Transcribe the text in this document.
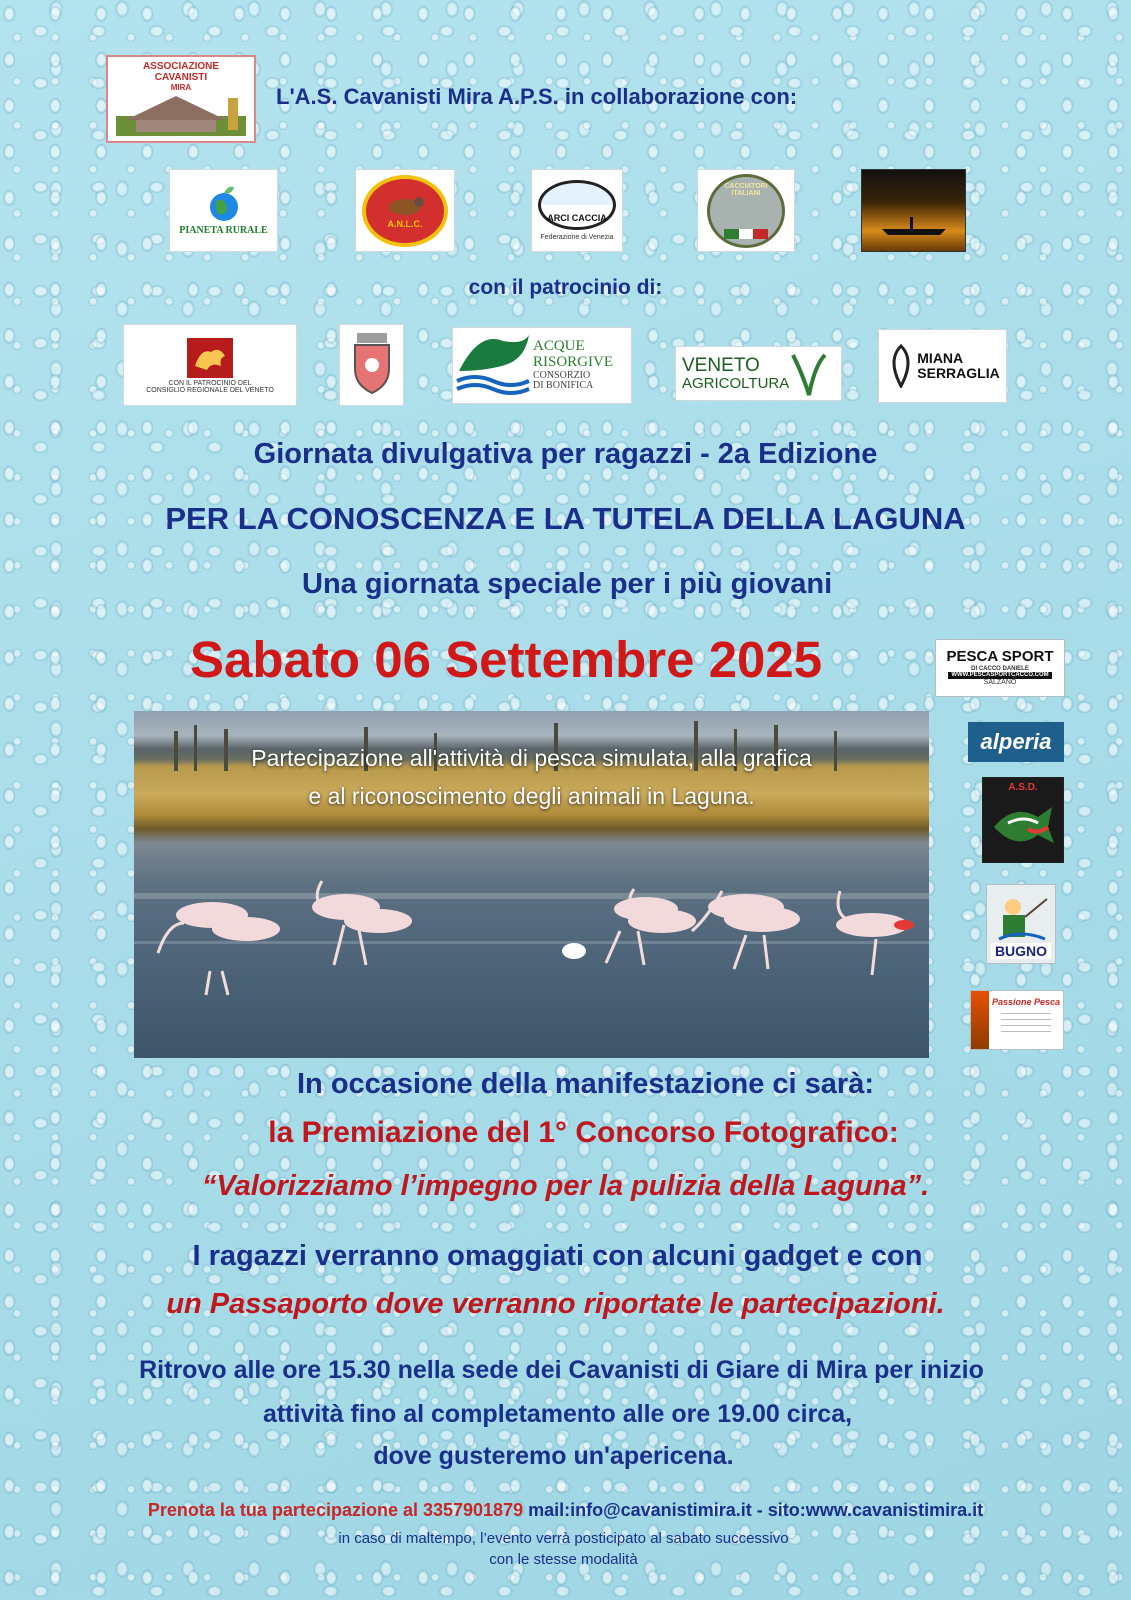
ASSOCIAZIONE
CAVANISTI
MIRA	L'A.S. Cavanisti Mira A.P.S. in collaborazione con:
PIANETA RURALE
A.N.L.C.
ARCI CACCIA
Federazione di Venezia
CACCIATORI ITALIANI
con il patrocinio di:
CON IL PATROCINIO DEL
CONSIGLIO REGIONALE DEL VENETO
ACQUE
RISORGIVE
CONSORZIO
DI BONIFICA
VENETO
AGRICOLTURA
MIANA
SERRAGLIA
Giornata divulgativa per ragazzi - 2a Edizione
PER LA CONOSCENZA E LA TUTELA DELLA LAGUNA
Una giornata speciale per i più giovani
Sabato 06 Settembre 2025
Partecipazione all'attività di pesca simulata, alla grafica
e al riconoscimento degli animali in Laguna.
PESCA SPORT
DI CACCO DANIELE
WWW.PESCASPORTCACCO.COM
SALZANO
alperia
A.S.D.
BUGNO
Passione Pesca
In occasione della manifestazione ci sarà:
la Premiazione del 1° Concorso Fotografico:
“Valorizziamo l’impegno per la pulizia della Laguna”.
I ragazzi verranno omaggiati con alcuni gadget e con
un Passaporto dove verranno riportate le partecipazioni.
Ritrovo alle ore 15.30 nella sede dei Cavanisti di Giare di Mira per inizio
attività fino al completamento alle ore 19.00 circa,
dove gusteremo un'apericena.
Prenota la tua partecipazione al 3357901879 mail:info@cavanistimira.it - sito:www.cavanistimira.it
in caso di maltempo, l’evento verrà posticipato al sabato successivo
con le stesse modalità
